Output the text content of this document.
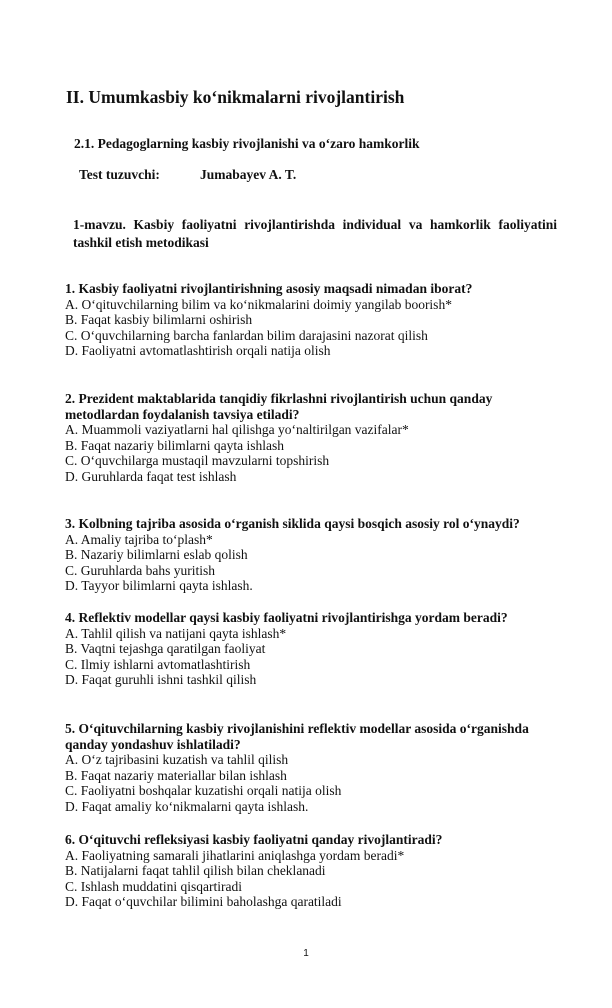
II. Umumkasbiy ko‘nikmalarni rivojlantirish
2.1. Pedagoglarning kasbiy rivojlanishi va o‘zaro hamkorlik
Test tuzuvchi:	Jumabayev A. T.
1-mavzu. Kasbiy faoliyatni rivojlantirishda individual va hamkorlik faoliyatini tashkil etish metodikasi
1. Kasbiy faoliyatni rivojlantirishning asosiy maqsadi nimadan iborat?
A. O‘qituvchilarning bilim va ko‘nikmalarini doimiy yangilab boorish*
B. Faqat kasbiy bilimlarni oshirish
C. O‘quvchilarning barcha fanlardan bilim darajasini nazorat qilish
D. Faoliyatni avtomatlashtirish orqali natija olish
2. Prezident maktablarida tanqidiy fikrlashni rivojlantirish uchun qanday
metodlardan foydalanish tavsiya etiladi?
A. Muammoli vaziyatlarni hal qilishga yo‘naltirilgan vazifalar*
B. Faqat nazariy bilimlarni qayta ishlash
C. O‘quvchilarga mustaqil mavzularni topshirish
D. Guruhlarda faqat test ishlash
3. Kolbning tajriba asosida o‘rganish siklida qaysi bosqich asosiy rol o‘ynaydi?
A. Amaliy tajriba to‘plash*
B. Nazariy bilimlarni eslab qolish
C. Guruhlarda bahs yuritish
D. Tayyor bilimlarni qayta ishlash.
4. Reflektiv modellar qaysi kasbiy faoliyatni rivojlantirishga yordam beradi?
A. Tahlil qilish va natijani qayta ishlash*
B. Vaqtni tejashga qaratilgan faoliyat
C. Ilmiy ishlarni avtomatlashtirish
D. Faqat guruhli ishni tashkil qilish
5. O‘qituvchilarning kasbiy rivojlanishini reflektiv modellar asosida o‘rganishda
qanday yondashuv ishlatiladi?
A. O‘z tajribasini kuzatish va tahlil qilish
B. Faqat nazariy materiallar bilan ishlash
C. Faoliyatni boshqalar kuzatishi orqali natija olish
D. Faqat amaliy ko‘nikmalarni qayta ishlash.
6. O‘qituvchi refleksiyasi kasbiy faoliyatni qanday rivojlantiradi?
A. Faoliyatning samarali jihatlarini aniqlashga yordam beradi*
B. Natijalarni faqat tahlil qilish bilan cheklanadi
C. Ishlash muddatini qisqartiradi
D. Faqat o‘quvchilar bilimini baholashga qaratiladi
1
